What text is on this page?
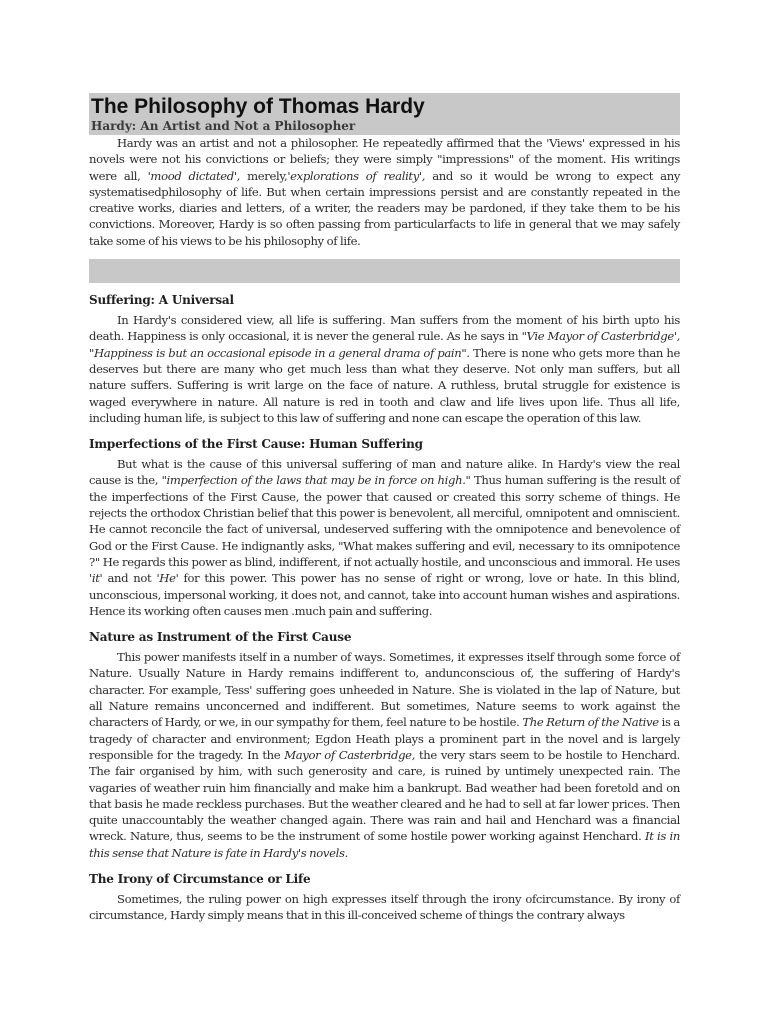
The Philosophy of Thomas Hardy
Hardy: An Artist and Not a Philosopher

Hardy was an artist and not a philosopher. He repeatedly affirmed that the 'Views' expressed in his novels were not his convictions or beliefs; they were simply "impressions" of the moment. His writings were all, 'mood dictated', merely,'explorations of reality', and so it would be wrong to expect any systematisedphilosophy of life. But when certain impressions persist and are constantly repeated in the creative works, diaries and letters, of a writer, the readers may be pardoned, if they take them to be his convictions. Moreover, Hardy is so often passing from particularfacts to life in general that we may safely take some of his views to be his philosophy of life.

Suffering: A Universal

In Hardy's considered view, all life is suffering. Man suffers from the moment of his birth upto his death. Happiness is only occasional, it is never the general rule. As he says in "Vie Mayor of Casterbridge', "Happiness is but an occasional episode in a general drama of pain". There is none who gets more than he deserves but there are many who get much less than what they deserve. Not only man suffers, but all nature suffers. Suffering is writ large on the face of nature. A ruthless, brutal struggle for existence is waged everywhere in nature. All nature is red in tooth and claw and life lives upon life. Thus all life, including human life, is subject to this law of suffering and none can escape the operation of this law.

Imperfections of the First Cause: Human Suffering

But what is the cause of this universal suffering of man and nature alike. In Hardy's view the real cause is the, "imperfection of the laws that may be in force on high." Thus human suffering is the result of the imperfections of the First Cause, the power that caused or created this sorry scheme of things. He rejects the orthodox Christian belief that this power is benevolent, all merciful, omnipotent and omniscient. He cannot reconcile the fact of universal, undeserved suffering with the omnipotence and benevolence of God or the First Cause. He indignantly asks, "What makes suffering and evil, necessary to its omnipotence ?" He regards this power as blind, indifferent, if not actually hostile, and unconscious and immoral. He uses 'it' and not 'He' for this power. This power has no sense of right or wrong, love or hate. In this blind, unconscious, impersonal working, it does not, and cannot, take into account human wishes and aspirations. Hence its working often causes men .much pain and suffering.

Nature as Instrument of the First Cause

This power manifests itself in a number of ways. Sometimes, it expresses itself through some force of Nature. Usually Nature in Hardy remains indifferent to, andunconscious of, the suffering of Hardy's character. For example, Tess' suffering goes unheeded in Nature. She is violated in the lap of Nature, but all Nature remains unconcerned and indifferent. But sometimes, Nature seems to work against the characters of Hardy, or we, in our sympathy for them, feel nature to be hostile. The Return of the Native is a tragedy of character and environment; Egdon Heath plays a prominent part in the novel and is largely responsible for the tragedy. In the Mayor of Casterbridge, the very stars seem to be hostile to Henchard. The fair organised by him, with such generosity and care, is ruined by untimely unexpected rain. The vagaries of weather ruin him financially and make him a bankrupt. Bad weather had been foretold and on that basis he made reckless purchases. But the weather cleared and he had to sell at far lower prices. Then quite unaccountably the weather changed again. There was rain and hail and Henchard was a financial wreck. Nature, thus, seems to be the instrument of some hostile power working against Henchard. It is in this sense that Nature is fate in Hardy's novels.

The Irony of Circumstance or Life

Sometimes, the ruling power on high expresses itself through the irony ofcircumstance. By irony of circumstance, Hardy simply means that in this ill-conceived scheme of things the contrary always
